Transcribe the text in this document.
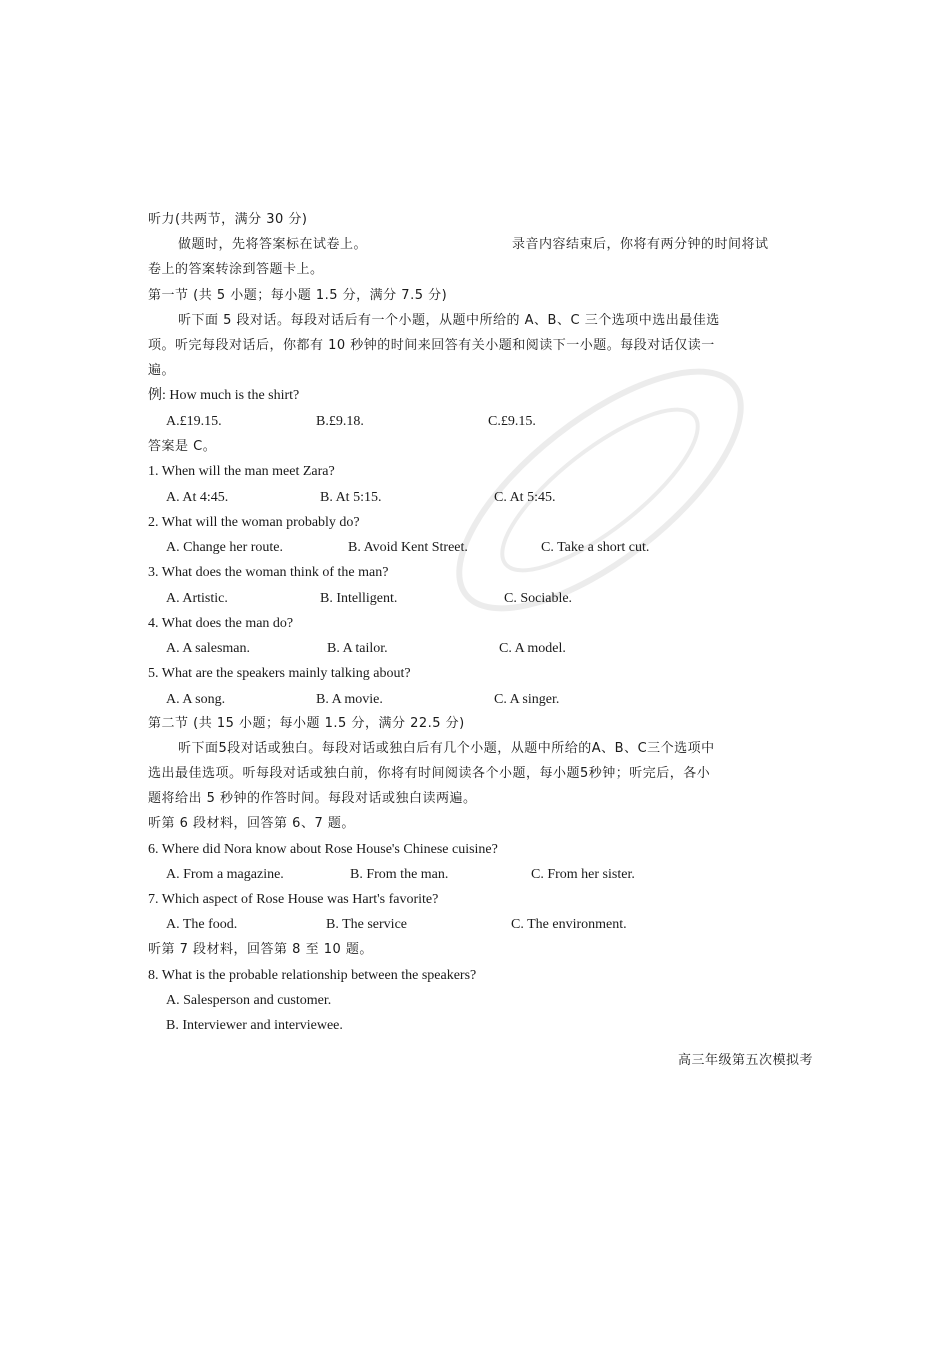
听力(共两节，满分 30 分)
做题时，先将答案标在试卷上。	录音内容结束后，你将有两分钟的时间将试
卷上的答案转涂到答题卡上。
第一节 (共 5 小题；每小题 1.5 分，满分 7.5 分)
听下面 5 段对话。每段对话后有一个小题，从题中所给的 A、B、C 三个选项中选出最佳选
项。听完每段对话后，你都有 10 秒钟的时间来回答有关小题和阅读下一小题。每段对话仅读一
遍。
例: How much is the shirt?
A.£19.15.	B.£9.18.	C.£9.15.
答案是 C。
1. When will the man meet Zara?
A. At 4:45.	B. At 5:15.	C. At 5:45.
2. What will the woman probably do?
A. Change her route.	B. Avoid Kent Street.	C. Take a short cut.
3. What does the woman think of the man?
A. Artistic.	B. Intelligent.	C. Sociable.
4. What does the man do?
A. A salesman.	B. A tailor.	C. A model.
5. What are the speakers mainly talking about?
A. A song.	B. A movie.	C. A singer.
第二节 (共 15 小题；每小题 1.5 分，满分 22.5 分)
听下面5段对话或独白。每段对话或独白后有几个小题，从题中所给的A、B、C三个选项中
选出最佳选项。听每段对话或独白前，你将有时间阅读各个小题，每小题5秒钟；听完后，各小
题将给出 5 秒钟的作答时间。每段对话或独白读两遍。
听第 6 段材料，回答第 6、7 题。
6. Where did Nora know about Rose House's Chinese cuisine?
A. From a magazine.	B. From the man.	C. From her sister.
7. Which aspect of Rose House was Hart's favorite?
A. The food.	B. The service	C. The environment.
听第 7 段材料，回答第 8 至 10 题。
8. What is the probable relationship between the speakers?
A. Salesperson and customer.
B. Interviewer and interviewee.
高三年级第五次模拟考
